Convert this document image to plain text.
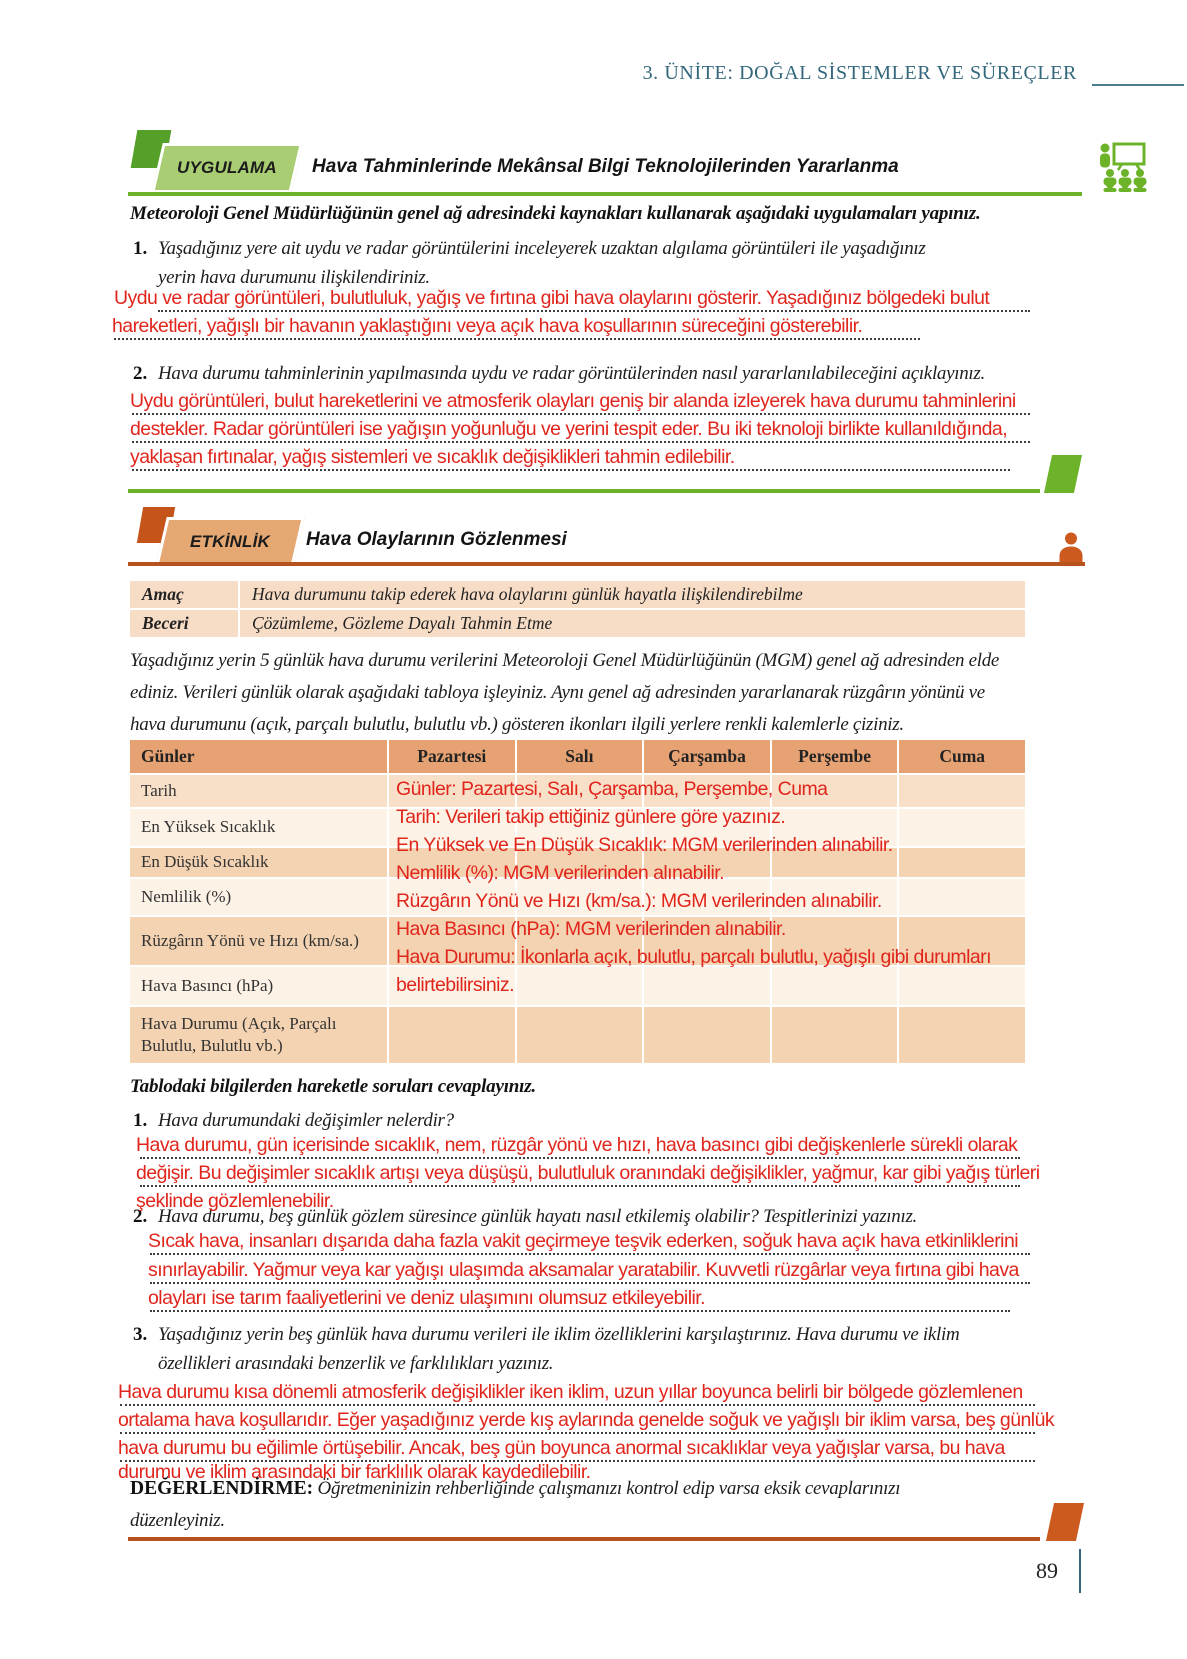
3. ÜNİTE: DOĞAL SİSTEMLER VE SÜREÇLER
UYGULAMA Hava Tahminlerinde Mekânsal Bilgi Teknolojilerinden Yararlanma
Meteoroloji Genel Müdürlüğünün genel ağ adresindeki kaynakları kullanarak aşağıdaki uygulamaları yapınız.
1. Yaşadığınız yere ait uydu ve radar görüntülerini inceleyerek uzaktan algılama görüntüleri ile yaşadığınız
yerin hava durumunu ilişkilendiriniz.
Uydu ve radar görüntüleri, bulutluluk, yağış ve fırtına gibi hava olaylarını gösterir. Yaşadığınız bölgedeki bulut
hareketleri, yağışlı bir havanın yaklaştığını veya açık hava koşullarının süreceğini gösterebilir.
2. Hava durumu tahminlerinin yapılmasında uydu ve radar görüntülerinden nasıl yararlanılabileceğini açıklayınız.
Uydu görüntüleri, bulut hareketlerini ve atmosferik olayları geniş bir alanda izleyerek hava durumu tahminlerini
destekler. Radar görüntüleri ise yağışın yoğunluğu ve yerini tespit eder. Bu iki teknoloji birlikte kullanıldığında,
yaklaşan fırtınalar, yağış sistemleri ve sıcaklık değişiklikleri tahmin edilebilir.
ETKİNLİK Hava Olaylarının Gözlenmesi
Amaç	Hava durumunu takip ederek hava olaylarını günlük hayatla ilişkilendirebilme
Beceri	Çözümleme, Gözleme Dayalı Tahmin Etme
Yaşadığınız yerin 5 günlük hava durumu verilerini Meteoroloji Genel Müdürlüğünün (MGM) genel ağ adresinden elde
ediniz. Verileri günlük olarak aşağıdaki tabloya işleyiniz. Aynı genel ağ adresinden yararlanarak rüzgârın yönünü ve
hava durumunu (açık, parçalı bulutlu, bulutlu vb.) gösteren ikonları ilgili yerlere renkli kalemlerle çiziniz.
Günler	Pazartesi	Salı	Çarşamba	Perşembe	Cuma
Tarih
En Yüksek Sıcaklık
En Düşük Sıcaklık
Nemlilik (%)
Rüzgârın Yönü ve Hızı (km/sa.)
Hava Basıncı (hPa)
Hava Durumu (Açık, Parçalı Bulutlu, Bulutlu vb.)
Günler: Pazartesi, Salı, Çarşamba, Perşembe, Cuma
Tarih: Verileri takip ettiğiniz günlere göre yazınız.
En Yüksek ve En Düşük Sıcaklık: MGM verilerinden alınabilir.
Nemlilik (%): MGM verilerinden alınabilir.
Rüzgârın Yönü ve Hızı (km/sa.): MGM verilerinden alınabilir.
Hava Basıncı (hPa): MGM verilerinden alınabilir.
Hava Durumu: İkonlarla açık, bulutlu, parçalı bulutlu, yağışlı gibi durumları
belirtebilirsiniz.
Tablodaki bilgilerden hareketle soruları cevaplayınız.
1. Hava durumundaki değişimler nelerdir?
Hava durumu, gün içerisinde sıcaklık, nem, rüzgâr yönü ve hızı, hava basıncı gibi değişkenlerle sürekli olarak
değişir. Bu değişimler sıcaklık artışı veya düşüşü, bulutluluk oranındaki değişiklikler, yağmur, kar gibi yağış türleri
şeklinde gözlemlenebilir.
2. Hava durumu, beş günlük gözlem süresince günlük hayatı nasıl etkilemiş olabilir? Tespitlerinizi yazınız.
Sıcak hava, insanları dışarıda daha fazla vakit geçirmeye teşvik ederken, soğuk hava açık hava etkinliklerini
sınırlayabilir. Yağmur veya kar yağışı ulaşımda aksamalar yaratabilir. Kuvvetli rüzgârlar veya fırtına gibi hava
olayları ise tarım faaliyetlerini ve deniz ulaşımını olumsuz etkileyebilir.
3. Yaşadığınız yerin beş günlük hava durumu verileri ile iklim özelliklerini karşılaştırınız. Hava durumu ve iklim
özellikleri arasındaki benzerlik ve farklılıkları yazınız.
Hava durumu kısa dönemli atmosferik değişiklikler iken iklim, uzun yıllar boyunca belirli bir bölgede gözlemlenen
ortalama hava koşullarıdır. Eğer yaşadığınız yerde kış aylarında genelde soğuk ve yağışlı bir iklim varsa, beş günlük
hava durumu bu eğilimle örtüşebilir. Ancak, beş gün boyunca anormal sıcaklıklar veya yağışlar varsa, bu hava
durumu ve iklim arasındaki bir farklılık olarak kaydedilebilir.
DEĞERLENDİRME: Öğretmeninizin rehberliğinde çalışmanızı kontrol edip varsa eksik cevaplarınızı
düzenleyiniz.
89
